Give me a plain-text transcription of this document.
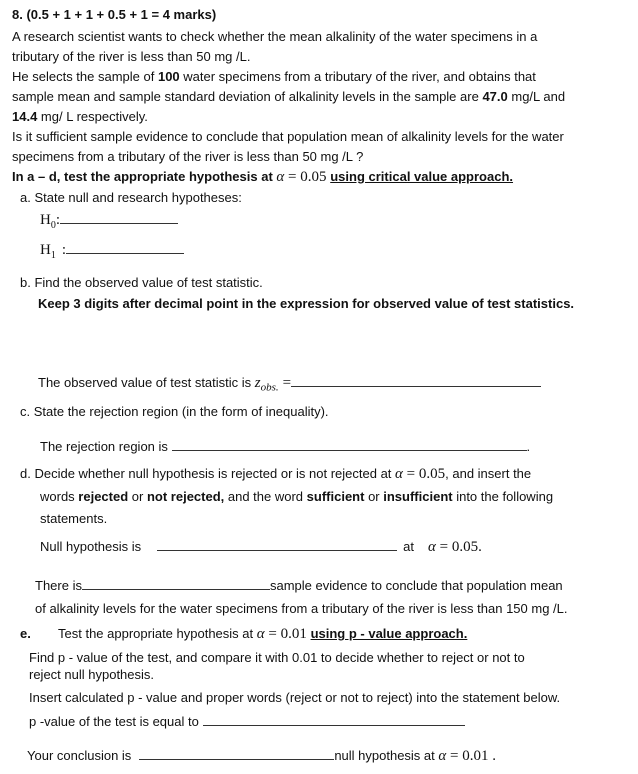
8. (0.5 + 1 + 1 + 0.5 + 1 = 4 marks)
A research scientist wants to check whether the mean alkalinity of the water specimens in a
tributary of the river is less than 50 mg /L.
He selects the sample of 100 water specimens from a tributary of the river, and obtains that
sample mean and sample standard deviation of alkalinity levels in the sample are 47.0 mg/L and
14.4 mg/ L respectively.
Is it sufficient sample evidence to conclude that population mean of alkalinity levels for the water
specimens from a tributary of the river is less than 50 mg /L ?
In a – d, test the appropriate hypothesis at α = 0.05 using critical value approach.
a. State null and research hypotheses:
$H_0$:
$H_1$ :
b. Find the observed value of test statistic.
Keep 3 digits after decimal point in the expression for observed value of test statistics.
The observed value of test statistic is $z_{obs.}$ =
c. State the rejection region (in the form of inequality).
The rejection region is	.
d. Decide whether null hypothesis is rejected or is not rejected at α = 0.05, and insert the
words rejected or not rejected, and the word sufficient or insufficient into the following
statements.
Null hypothesis is	at α = 0.05.
There is	sample evidence to conclude that population mean
of alkalinity levels for the water specimens from a tributary of the river is less than 150 mg /L.
e. Test the appropriate hypothesis at α = 0.01 using p - value approach.
Find p - value of the test, and compare it with 0.01 to decide whether to reject or not to
reject null hypothesis.
Insert calculated p - value and proper words (reject or not to reject) into the statement below.
p -value of the test is equal to
Your conclusion is	null hypothesis at α = 0.01 .
